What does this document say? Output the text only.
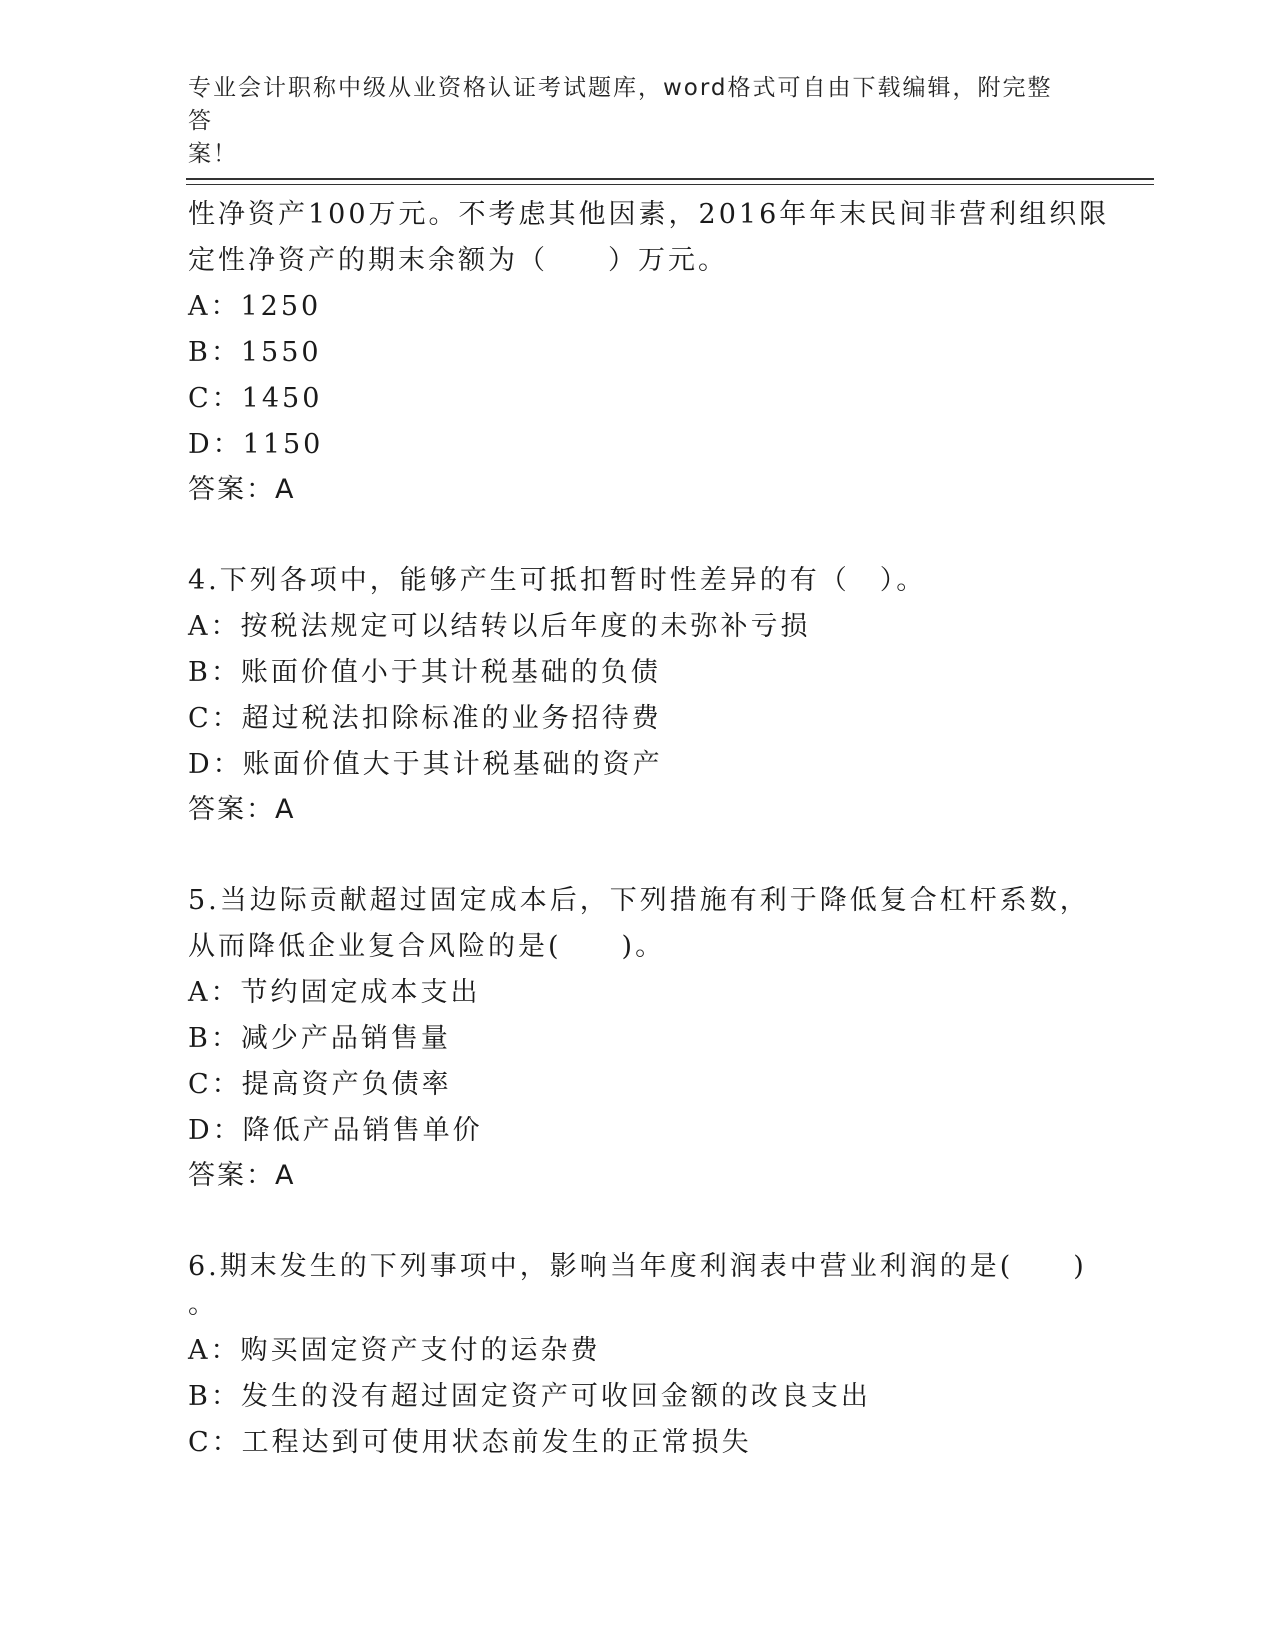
专业会计职称中级从业资格认证考试题库，word格式可自由下载编辑，附完整答
案！
性净资产100万元。不考虑其他因素，2016年年末民间非营利组织限
定性净资产的期末余额为（　　）万元。
A：1250
B：1550
C：1450
D：1150
答案：A
4.下列各项中，能够产生可抵扣暂时性差异的有（　）。
A：按税法规定可以结转以后年度的未弥补亏损
B：账面价值小于其计税基础的负债
C：超过税法扣除标准的业务招待费
D：账面价值大于其计税基础的资产
答案：A
5.当边际贡献超过固定成本后，下列措施有利于降低复合杠杆系数，
从而降低企业复合风险的是(　　)。
A：节约固定成本支出
B：减少产品销售量
C：提高资产负债率
D：降低产品销售单价
答案：A
6.期末发生的下列事项中，影响当年度利润表中营业利润的是(　　)
。
A：购买固定资产支付的运杂费
B：发生的没有超过固定资产可收回金额的改良支出
C：工程达到可使用状态前发生的正常损失
